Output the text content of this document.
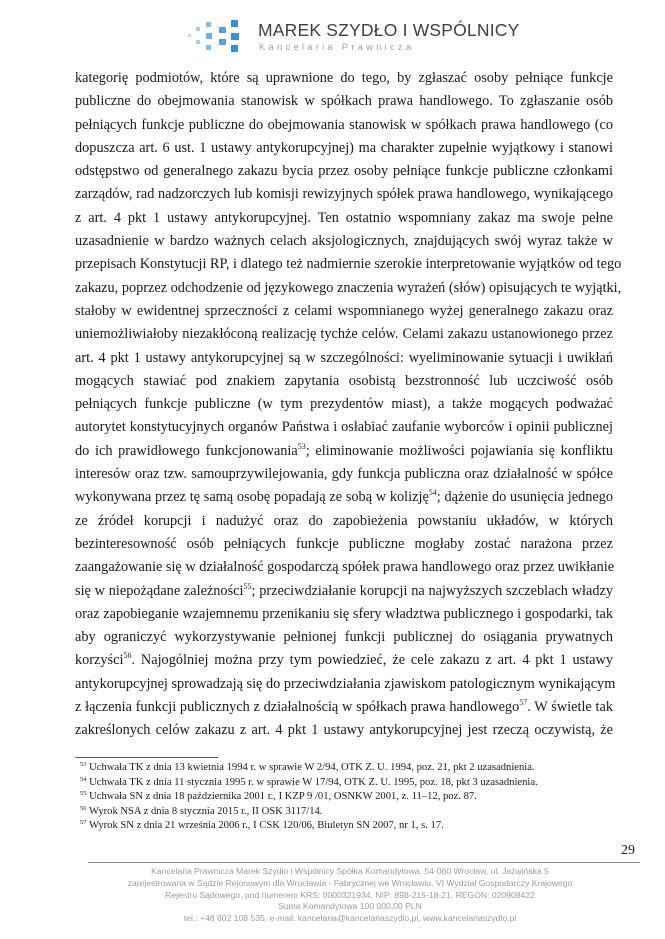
MAREK SZYDŁO I WSPÓLNICY
Kancelaria Prawnicza
kategorię podmiotów, które są uprawnione do tego, by zgłaszać osoby pełniące funkcje
publiczne do obejmowania stanowisk w spółkach prawa handlowego. To zgłaszanie osób
pełniących funkcje publiczne do obejmowania stanowisk w spółkach prawa handlowego (co
dopuszcza art. 6 ust. 1 ustawy antykorupcyjnej) ma charakter zupełnie wyjątkowy i stanowi
odstępstwo od generalnego zakazu bycia przez osoby pełniące funkcje publiczne członkami
zarządów, rad nadzorczych lub komisji rewizyjnych spółek prawa handlowego, wynikającego
z art. 4 pkt 1 ustawy antykorupcyjnej. Ten ostatnio wspomniany zakaz ma swoje pełne
uzasadnienie w bardzo ważnych celach aksjologicznych, znajdujących swój wyraz także w
przepisach Konstytucji RP, i dlatego też nadmiernie szerokie interpretowanie wyjątków od tego
zakazu, poprzez odchodzenie od językowego znaczenia wyrażeń (słów) opisujących te wyjątki,
stałoby w ewidentnej sprzeczności z celami wspomnianego wyżej generalnego zakazu oraz
uniemożliwiałoby niezakłóconą realizację tychże celów. Celami zakazu ustanowionego przez
art. 4 pkt 1 ustawy antykorupcyjnej są w szczególności: wyeliminowanie sytuacji i uwikłań
mogących stawiać pod znakiem zapytania osobistą bezstronność lub uczciwość osób
pełniących funkcje publiczne (w tym prezydentów miast), a także mogących podważać
autorytet konstytucyjnych organów Państwa i osłabiać zaufanie wyborców i opinii publicznej
do ich prawidłowego funkcjonowania$^{53}$; eliminowanie możliwości pojawiania się konfliktu
interesów oraz tzw. samouprzywilejowania, gdy funkcja publiczna oraz działalność w spółce
wykonywana przez tę samą osobę popadają ze sobą w kolizję$^{54}$; dążenie do usunięcia jednego
ze źródeł korupcji i nadużyć oraz do zapobieżenia powstaniu układów, w których
bezinteresowność osób pełniących funkcje publiczne mogłaby zostać narażona przez
zaangażowanie się w działalność gospodarczą spółek prawa handlowego oraz przez uwikłanie
się w niepożądane zależności$^{55}$; przeciwdziałanie korupcji na najwyższych szczeblach władzy
oraz zapobieganie wzajemnemu przenikaniu się sfery władztwa publicznego i gospodarki, tak
aby ograniczyć wykorzystywanie pełnionej funkcji publicznej do osiągania prywatnych
korzyści$^{56}$. Najogólniej można przy tym powiedzieć, że cele zakazu z art. 4 pkt 1 ustawy
antykorupcyjnej sprowadzają się do przeciwdziałania zjawiskom patologicznym wynikającym
z łączenia funkcji publicznych z działalnością w spółkach prawa handlowego$^{57}$. W świetle tak
zakreślonych celów zakazu z art. 4 pkt 1 ustawy antykorupcyjnej jest rzeczą oczywistą, że
$^{53}$ Uchwała TK z dnia 13 kwietnia 1994 r. w sprawie W 2/94, OTK Z. U. 1994, poz. 21, pkt 2 uzasadnienia.
$^{54}$ Uchwała TK z dnia 11 stycznia 1995 r. w sprawie W 17/94, OTK Z. U. 1995, poz. 18, pkt 3 uzasadnienia.
$^{55}$ Uchwała SN z dnia 18 października 2001 r., I KZP 9 /01, OSNKW 2001, z. 11–12, poz. 87.
$^{56}$ Wyrok NSA z dnia 8 stycznia 2015 r., II OSK 3117/14.
$^{57}$ Wyrok SN z dnia 21 września 2006 r., I CSK 120/06, Biuletyn SN 2007, nr 1, s. 17.
29
Kancelaria Prawnicza Marek Szydło i Wspólnicy Spółka Komandytowa, 54-060 Wrocław, ul. Jaźwińska 5
zarejestrowana w Sądzie Rejonowym dla Wrocławia - Fabrycznej we Wrocławiu, VI Wydział Gospodarczy Krajowego
Rejestru Sądowego, pod numerem KRS: 0000321934, NIP: 898-215-18-21, REGON: 020908422
Suma Komandytowa 100 000,00 PLN
tel.: +48 602 108 535, e-mail: kancelaria@kancelariaszydlo.pl, www.kancelariaszydlo.pl
